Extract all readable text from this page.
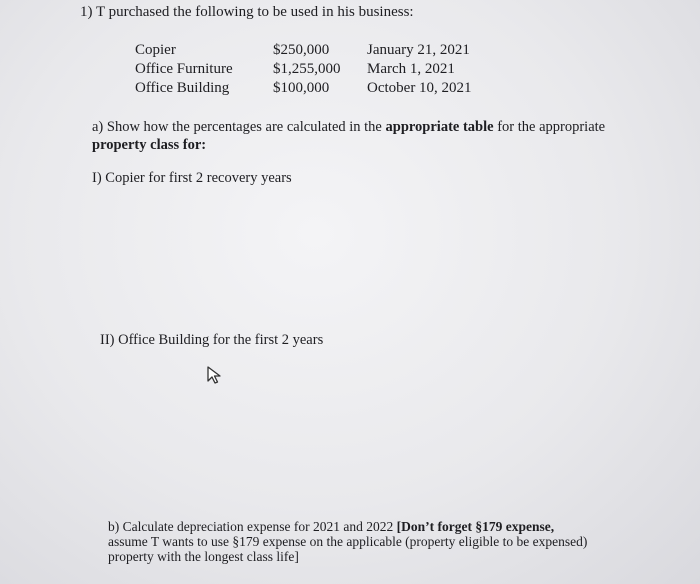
1) T purchased the following to be used in his business:
Copier	$250,000	January 21, 2021
Office Furniture	$1,255,000 March 1, 2021
Office Building	$100,000	October 10, 2021
a) Show how the percentages are calculated in the appropriate table for the appropriate
property class for:
I) Copier for first 2 recovery years
II) Office Building for the first 2 years
b) Calculate depreciation expense for 2021 and 2022 [Don’t forget §179 expense,
assume T wants to use §179 expense on the applicable (property eligible to be expensed)
property with the longest class life]
